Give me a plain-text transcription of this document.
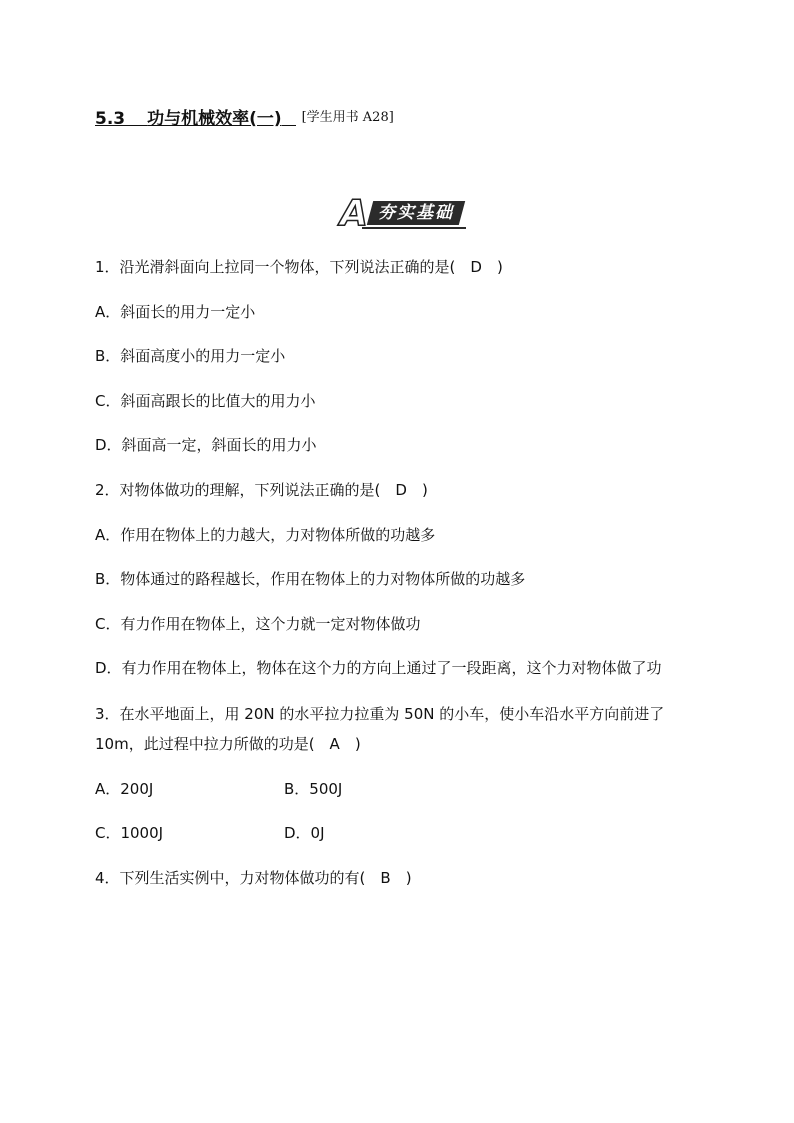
5.3 功与机械效率(一) [学生用书 A28]
A 夯实基础
1．沿光滑斜面向上拉同一个物体，下列说法正确的是(　D　)
A．斜面长的用力一定小
B．斜面高度小的用力一定小
C．斜面高跟长的比值大的用力小
D．斜面高一定，斜面长的用力小
2．对物体做功的理解，下列说法正确的是(　D　)
A．作用在物体上的力越大，力对物体所做的功越多
B．物体通过的路程越长，作用在物体上的力对物体所做的功越多
C．有力作用在物体上，这个力就一定对物体做功
D．有力作用在物体上，物体在这个力的方向上通过了一段距离，这个力对物体做了功
3．在水平地面上，用 20N 的水平拉力拉重为 50N 的小车，使小车沿水平方向前进了
10m，此过程中拉力所做的功是(　A　)
A．200J	B．500J
C．1000J	D．0J
4．下列生活实例中，力对物体做功的有(　B　)
